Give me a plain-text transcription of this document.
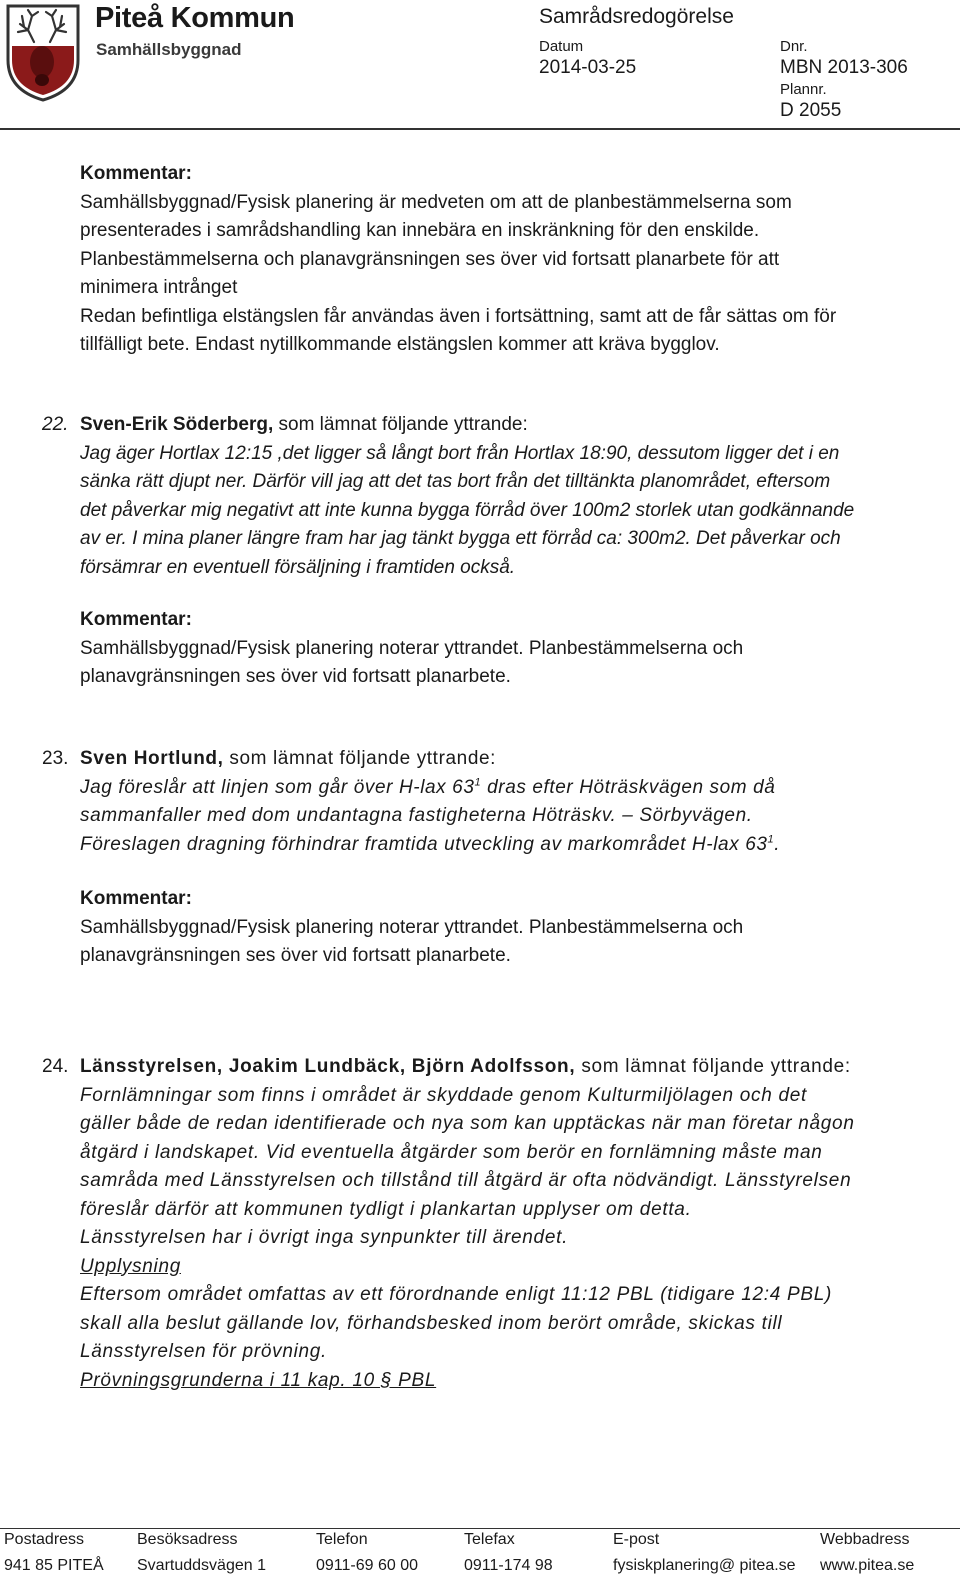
Piteå Kommun
Samhällsbyggnad
Samrådsredogörelse
Datum
2014-03-25
Dnr.
MBN 2013-306
Plannr.
D 2055

Kommentar:

Samhällsbyggnad/Fysisk planering är medveten om att de planbestämmelserna som

presenterades i samrådshandling kan innebära en inskränkning för den enskilde.

Planbestämmelserna och planavgränsningen ses över vid fortsatt planarbete för att

minimera intrånget

Redan befintliga elstängslen får användas även i fortsättning, samt att de får sättas om för

tillfälligt bete. Endast nytillkommande elstängslen kommer att kräva bygglov.

22. Sven-Erik Söderberg, som lämnat följande yttrande:

Jag äger Hortlax 12:15 ,det ligger så långt bort från Hortlax 18:90, dessutom ligger det i en

sänka rätt djupt ner. Därför vill jag att det tas bort från det tilltänkta planområdet, eftersom

det påverkar mig negativt att inte kunna bygga förråd över 100m2 storlek utan godkännande

av er. I mina planer längre fram har jag tänkt bygga ett förråd ca: 300m2. Det påverkar och

försämrar en eventuell försäljning i framtiden också.

Kommentar:

Samhällsbyggnad/Fysisk planering noterar yttrandet. Planbestämmelserna och

planavgränsningen ses över vid fortsatt planarbete.

23. Sven Hortlund, som lämnat följande yttrande:

Jag föreslår att linjen som går över H-lax $63^1$ dras efter Höträskvägen som då

sammanfaller med dom undantagna fastigheterna Höträskv. – Sörbyvägen.

Föreslagen dragning förhindrar framtida utveckling av markområdet H-lax $63^1$.

Kommentar:

Samhällsbyggnad/Fysisk planering noterar yttrandet. Planbestämmelserna och

planavgränsningen ses över vid fortsatt planarbete.

24. Länsstyrelsen, Joakim Lundbäck, Björn Adolfsson, som lämnat följande yttrande:

Fornlämningar som finns i området är skyddade genom Kulturmiljölagen och det

gäller både de redan identifierade och nya som kan upptäckas när man företar någon

åtgärd i landskapet. Vid eventuella åtgärder som berör en fornlämning måste man

samråda med Länsstyrelsen och tillstånd till åtgärd är ofta nödvändigt. Länsstyrelsen

föreslår därför att kommunen tydligt i plankartan upplyser om detta.

Länsstyrelsen har i övrigt inga synpunkter till ärendet.

Upplysning

Eftersom området omfattas av ett förordnande enligt 11:12 PBL (tidigare 12:4 PBL)

skall alla beslut gällande lov, förhandsbesked inom berört område, skickas till

Länsstyrelsen för prövning.

Prövningsgrunderna i 11 kap. 10 § PBL

Postadress
941 85 PITEÅ
Besöksadress
Svartuddsvägen 1
Telefon
0911-69 60 00
Telefax
0911-174 98
E-post
fysiskplanering@ pitea.se
Webbadress
www.pitea.se
